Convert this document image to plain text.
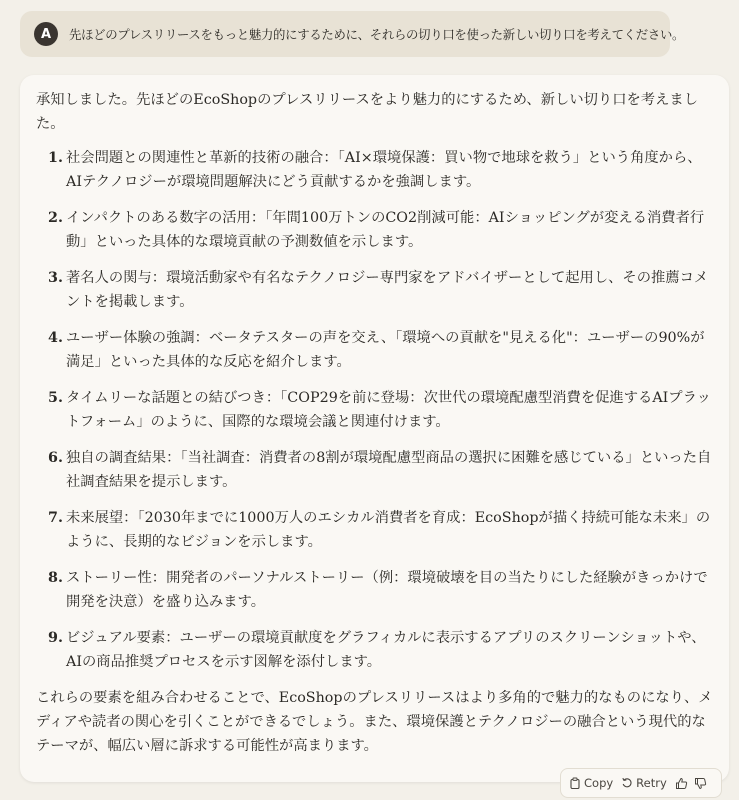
A	先ほどのプレスリリースをもっと魅力的にするために、それらの切り口を使った新しい切り口を考えてください。

承知しました。先ほどのEcoShopのプレスリリースをより魅力的にするため、新しい切り口を考えました。

1. 社会問題との関連性と革新的技術の融合：「AI×環境保護：買い物で地球を救う」という角度から、AIテクノロジーが環境問題解決にどう貢献するかを強調します。
2. インパクトのある数字の活用：「年間100万トンのCO2削減可能：AIショッピングが変える消費者行動」といった具体的な環境貢献の予測数値を示します。
3. 著名人の関与：環境活動家や有名なテクノロジー専門家をアドバイザーとして起用し、その推薦コメントを掲載します。
4. ユーザー体験の強調：ベータテスターの声を交え、「環境への貢献を"見える化"：ユーザーの90%が満足」といった具体的な反応を紹介します。
5. タイムリーな話題との結びつき：「COP29を前に登場：次世代の環境配慮型消費を促進するAIプラットフォーム」のように、国際的な環境会議と関連付けます。
6. 独自の調査結果：「当社調査：消費者の8割が環境配慮型商品の選択に困難を感じている」といった自社調査結果を提示します。
7. 未来展望：「2030年までに1000万人のエシカル消費者を育成：EcoShopが描く持続可能な未来」のように、長期的なビジョンを示します。
8. ストーリー性：開発者のパーソナルストーリー（例：環境破壊を目の当たりにした経験がきっかけで開発を決意）を盛り込みます。
9. ビジュアル要素：ユーザーの環境貢献度をグラフィカルに表示するアプリのスクリーンショットや、AIの商品推奨プロセスを示す図解を添付します。

これらの要素を組み合わせることで、EcoShopのプレスリリースはより多角的で魅力的なものになり、メディアや読者の関心を引くことができるでしょう。また、環境保護とテクノロジーの融合という現代的なテーマが、幅広い層に訴求する可能性が高まります。

Copy Retry
